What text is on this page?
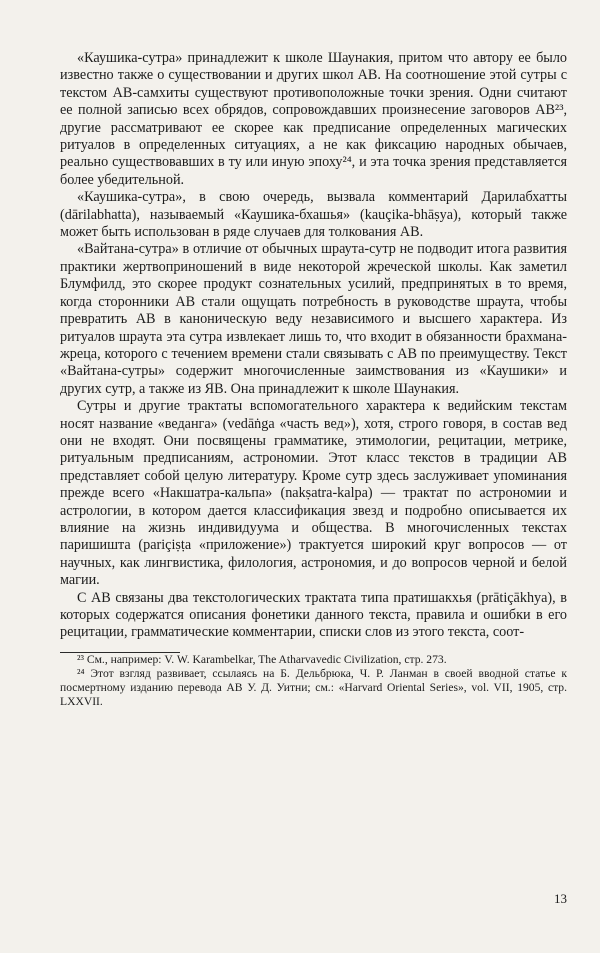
«Каушика-сутра» принадлежит к школе Шаунакия, притом что автору ее было известно также о существовании и других школ АВ. На соотношение этой сутры с текстом АВ-самхиты существуют противоположные точки зрения. Одни считают ее полной записью всех обрядов, сопровождавших произнесение заговоров АВ²³, другие рассматривают ее скорее как предписание определенных магических ритуалов в определенных ситуациях, а не как фиксацию народных обычаев, реально существовавших в ту или иную эпоху²⁴, и эта точка зрения представляется более убедительной.

«Каушика-сутра», в свою очередь, вызвала комментарий Дарилабхатты (dārilabhatta), называемый «Каушика-бхашья» (kauçika-bhāṣya), который также может быть использован в ряде случаев для толкования АВ.

«Вайтана-сутра» в отличие от обычных шраута-сутр не подводит итога развития практики жертвоприношений в виде некоторой жреческой школы. Как заметил Блумфилд, это скорее продукт сознательных усилий, предпринятых в то время, когда сторонники АВ стали ощущать потребность в руководстве шраута, чтобы превратить АВ в каноническую веду независимого и высшего характера. Из ритуалов шраута эта сутра извлекает лишь то, что входит в обязанности брахмана-жреца, которого с течением времени стали связывать с АВ по преимуществу. Текст «Вайтана-сутры» содержит многочисленные заимствования из «Каушики» и других сутр, а также из ЯВ. Она принадлежит к школе Шаунакия.

Сутры и другие трактаты вспомогательного характера к ведийским текстам носят название «веданга» (vedāṅga «часть вед»), хотя, строго говоря, в состав вед они не входят. Они посвящены грамматике, этимологии, рецитации, метрике, ритуальным предписаниям, астрономии. Этот класс текстов в традиции АВ представляет собой целую литературу. Кроме сутр здесь заслуживает упоминания прежде всего «Накшатра-кальпа» (nakṣatra-kalpa) — трактат по астрономии и астрологии, в котором дается классификация звезд и подробно описывается их влияние на жизнь индивидуума и общества. В многочисленных текстах паришишта (pariçiṣṭa «приложение») трактуется широкий круг вопросов — от научных, как лингвистика, филология, астрономия, и до вопросов черной и белой магии.

С АВ связаны два текстологических трактата типа пратишакхья (prātiçākhya), в которых содержатся описания фонетики данного текста, правила и ошибки в его рецитации, грамматические комментарии, списки слов из этого текста, соот-

²³ См., например: V. W. Karambelkar, The Atharvavedic Civilization, стр. 273.

²⁴ Этот взгляд развивает, ссылаясь на Б. Дельбрюка, Ч. Р. Ланман в своей вводной статье к посмертному изданию перевода АВ У. Д. Уитни; см.: «Harvard Oriental Series», vol. VII, 1905, стр. LXXVII.

13
